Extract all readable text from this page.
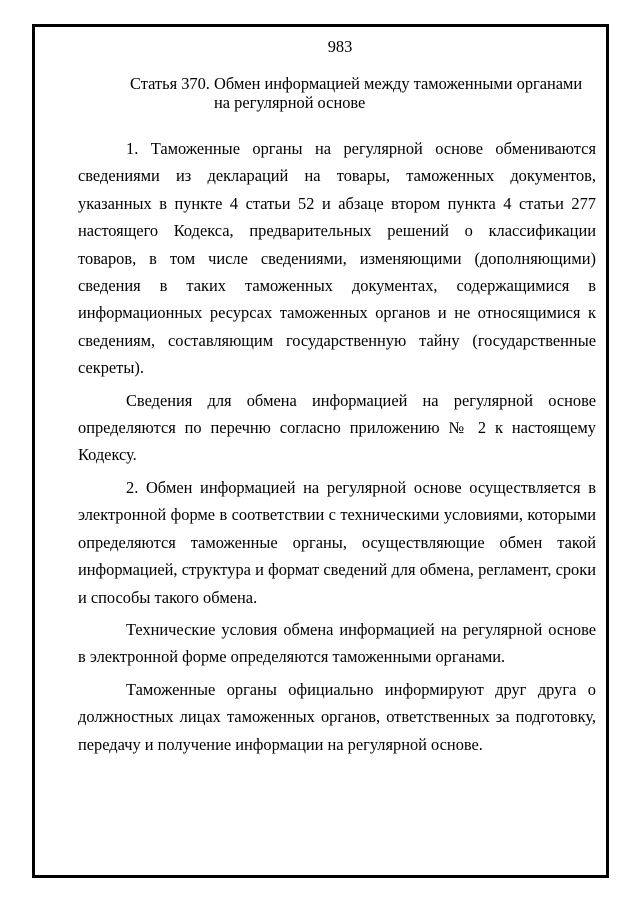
983

Статья 370. Обмен информацией между таможенными органами
на регулярной основе

1. Таможенные органы на регулярной основе обмениваются сведениями из деклараций на товары, таможенных документов, указанных в пункте 4 статьи 52 и абзаце втором пункта 4 статьи 277 настоящего Кодекса, предварительных решений о классификации товаров, в том числе сведениями, изменяющими (дополняющими) сведения в таких таможенных документах, содержащимися в информационных ресурсах таможенных органов и не относящимися к сведениям, составляющим государственную тайну (государственные секреты).

Сведения для обмена информацией на регулярной основе определяются по перечню согласно приложению № 2 к настоящему Кодексу.

2. Обмен информацией на регулярной основе осуществляется в электронной форме в соответствии с техническими условиями, которыми определяются таможенные органы, осуществляющие обмен такой информацией, структура и формат сведений для обмена, регламент, сроки и способы такого обмена.

Технические условия обмена информацией на регулярной основе в электронной форме определяются таможенными органами.

Таможенные органы официально информируют друг друга о должностных лицах таможенных органов, ответственных за подготовку, передачу и получение информации на регулярной основе.
